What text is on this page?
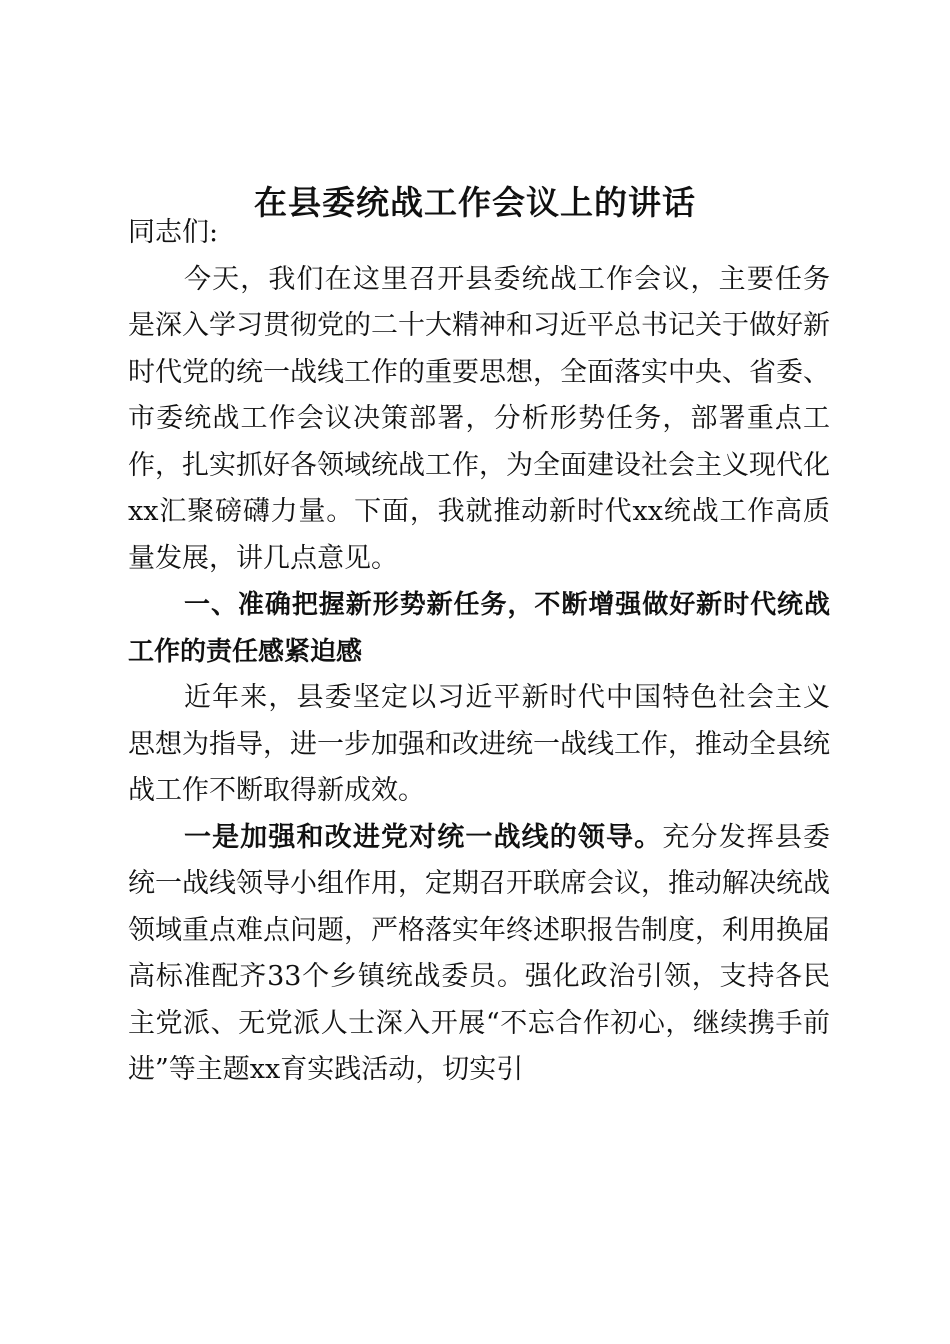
在县委统战工作会议上的讲话

同志们:

今天，我们在这里召开县委统战工作会议，主要任务是深入学习贯彻党的二十大精神和习近平总书记关于做好新时代党的统一战线工作的重要思想，全面落实中央、省委、市委统战工作会议决策部署，分析形势任务，部署重点工作，扎实抓好各领域统战工作，为全面建设社会主义现代化xx汇聚磅礴力量。下面，我就推动新时代xx统战工作高质量发展，讲几点意见。

一、准确把握新形势新任务，不断增强做好新时代统战工作的责任感紧迫感

近年来，县委坚定以习近平新时代中国特色社会主义思想为指导，进一步加强和改进统一战线工作，推动全县统战工作不断取得新成效。

一是加强和改进党对统一战线的领导。充分发挥县委统一战线领导小组作用，定期召开联席会议，推动解决统战领域重点难点问题，严格落实年终述职报告制度，利用换届高标准配齐33个乡镇统战委员。强化政治引领，支持各民主党派、无党派人士深入开展“不忘合作初心，继续携手前进”等主题xx育实践活动，切实引
